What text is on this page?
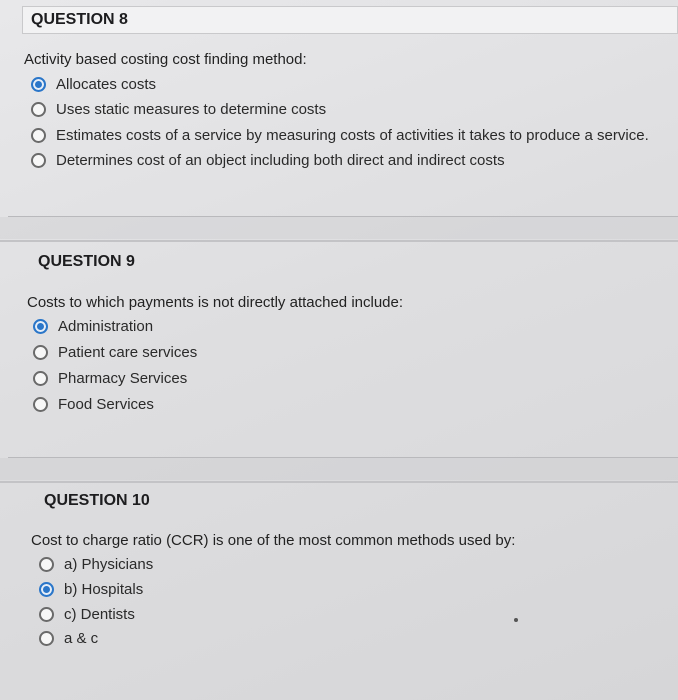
QUESTION 8
Activity based costing cost finding method:
Allocates costs
Uses static measures to determine costs
Estimates costs of a service by measuring costs of activities it takes to produce a service.
Determines cost of an object including both direct and indirect costs
QUESTION 9
Costs to which payments is not directly attached include:
Administration
Patient care services
Pharmacy Services
Food Services
QUESTION 10
Cost to charge ratio (CCR) is one of the most common methods used by:
a) Physicians
b) Hospitals
c) Dentists
a & c
